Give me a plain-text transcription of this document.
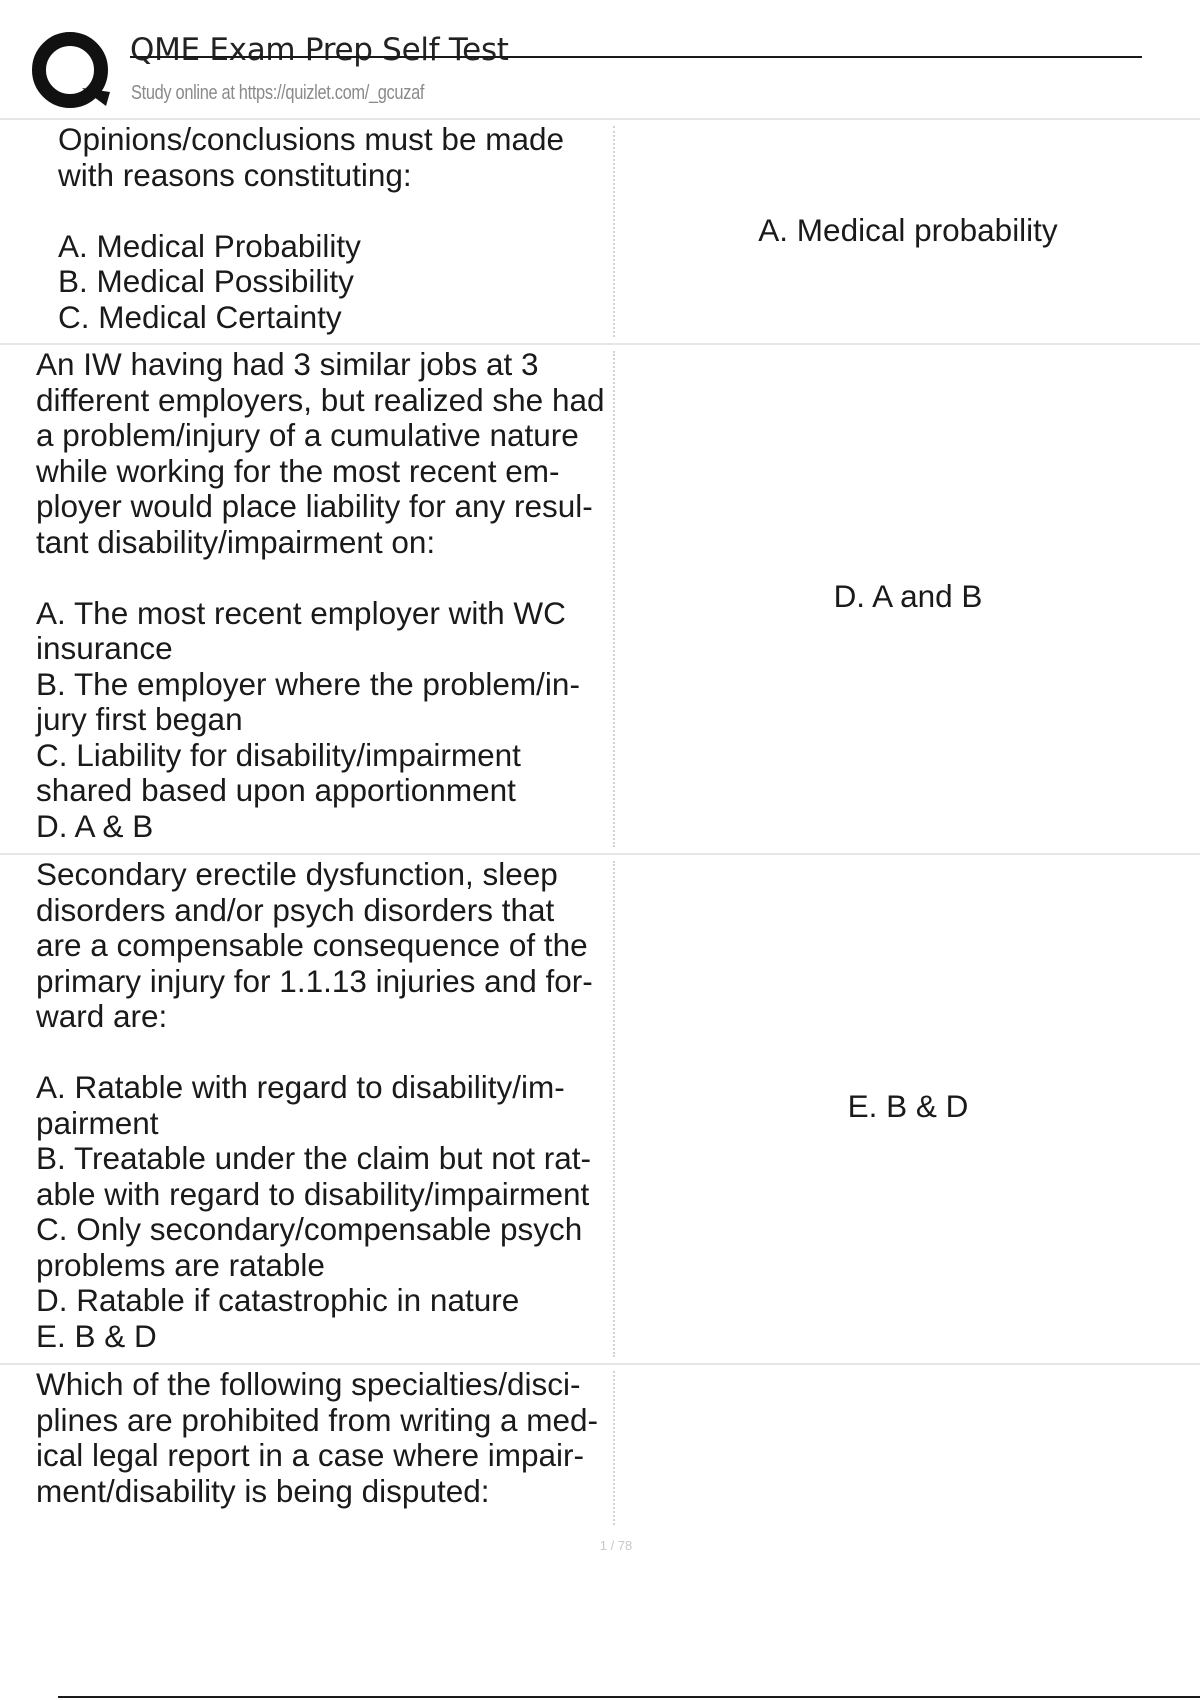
QME Exam Prep Self Test
Study online at https://quizlet.com/_gcuzaf
Opinions/conclusions must be made
with reasons constituting:

A. Medical Probability
B. Medical Possibility
C. Medical Certainty
A. Medical probability
An IW having had 3 similar jobs at 3
different employers, but realized she had
a problem/injury of a cumulative nature
while working for the most recent em-
ployer would place liability for any resul-
tant disability/impairment on:

A. The most recent employer with WC
insurance
B. The employer where the problem/in-
jury first began
C. Liability for disability/impairment
shared based upon apportionment
D. A & B
D. A and B
Secondary erectile dysfunction, sleep
disorders and/or psych disorders that
are a compensable consequence of the
primary injury for 1.1.13 injuries and for-
ward are:

A. Ratable with regard to disability/im-
pairment
B. Treatable under the claim but not rat-
able with regard to disability/impairment
C. Only secondary/compensable psych
problems are ratable
D. Ratable if catastrophic in nature
E. B & D
E. B & D
Which of the following specialties/disci-
plines are prohibited from writing a med-
ical legal report in a case where impair-
ment/disability is being disputed:
1 / 78
